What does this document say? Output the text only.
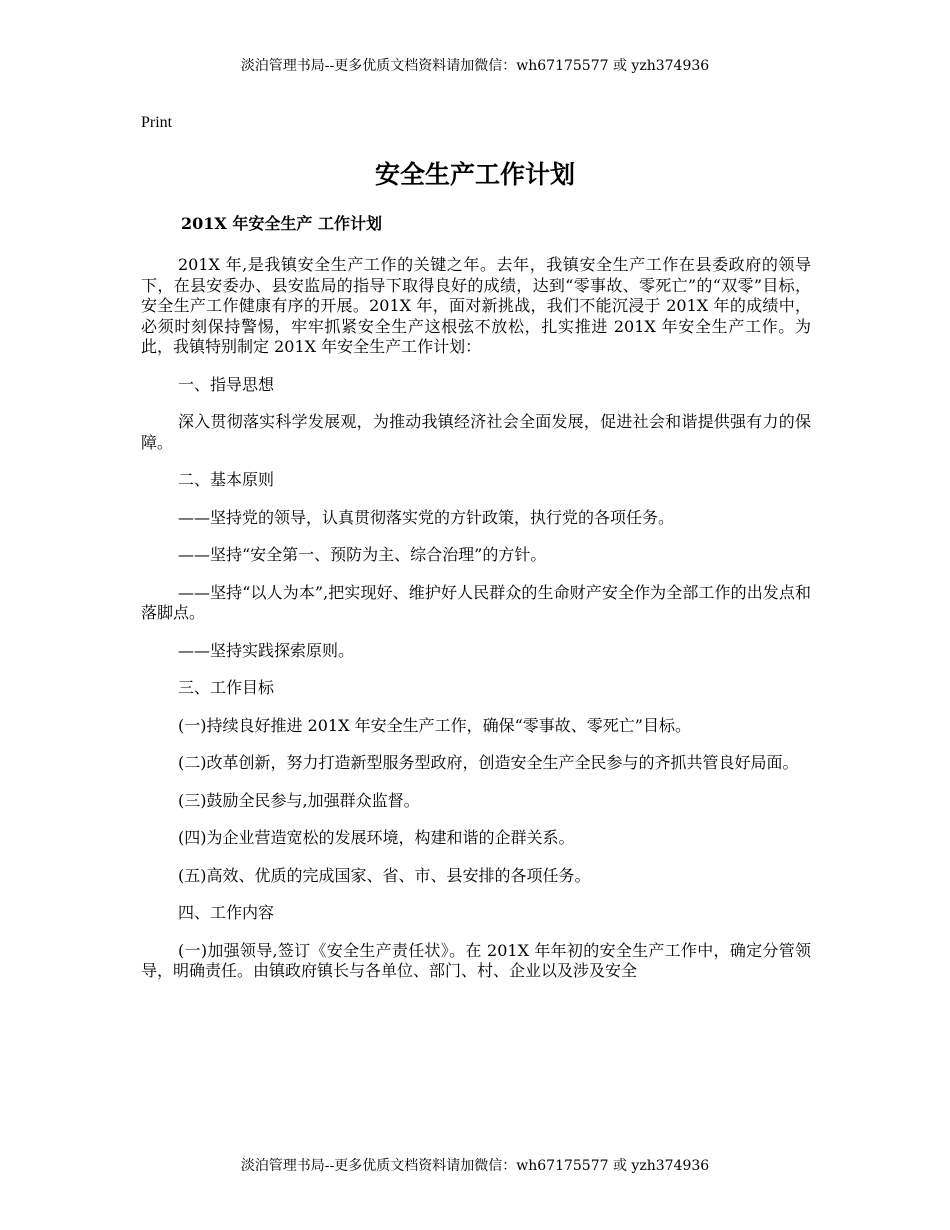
淡泊管理书局--更多优质文档资料请加微信：wh67175577 或 yzh374936
Print
安全生产工作计划
201X 年安全生产 工作计划

201X 年,是我镇安全生产工作的关键之年。去年，我镇安全生产工作在县委政府的领导下，在县安委办、县安监局的指导下取得良好的成绩，达到“零事故、零死亡”的“双零”目标，安全生产工作健康有序的开展。201X 年，面对新挑战，我们不能沉浸于 201X 年的成绩中，必须时刻保持警惕，牢牢抓紧安全生产这根弦不放松，扎实推进 201X 年安全生产工作。为此，我镇特别制定 201X 年安全生产工作计划：

一、指导思想

深入贯彻落实科学发展观，为推动我镇经济社会全面发展，促进社会和谐提供强有力的保障。

二、基本原则

——坚持党的领导，认真贯彻落实党的方针政策，执行党的各项任务。

——坚持“安全第一、预防为主、综合治理”的方针。

——坚持“以人为本”,把实现好、维护好人民群众的生命财产安全作为全部工作的出发点和落脚点。

——坚持实践探索原则。

三、工作目标

(一)持续良好推进 201X 年安全生产工作，确保“零事故、零死亡”目标。

(二)改革创新，努力打造新型服务型政府，创造安全生产全民参与的齐抓共管良好局面。

(三)鼓励全民参与,加强群众监督。

(四)为企业营造宽松的发展环境，构建和谐的企群关系。

(五)高效、优质的完成国家、省、市、县安排的各项任务。

四、工作内容

(一)加强领导,签订《安全生产责任状》。在 201X 年年初的安全生产工作中，确定分管领导，明确责任。由镇政府镇长与各单位、部门、村、企业以及涉及安全

淡泊管理书局--更多优质文档资料请加微信：wh67175577 或 yzh374936
